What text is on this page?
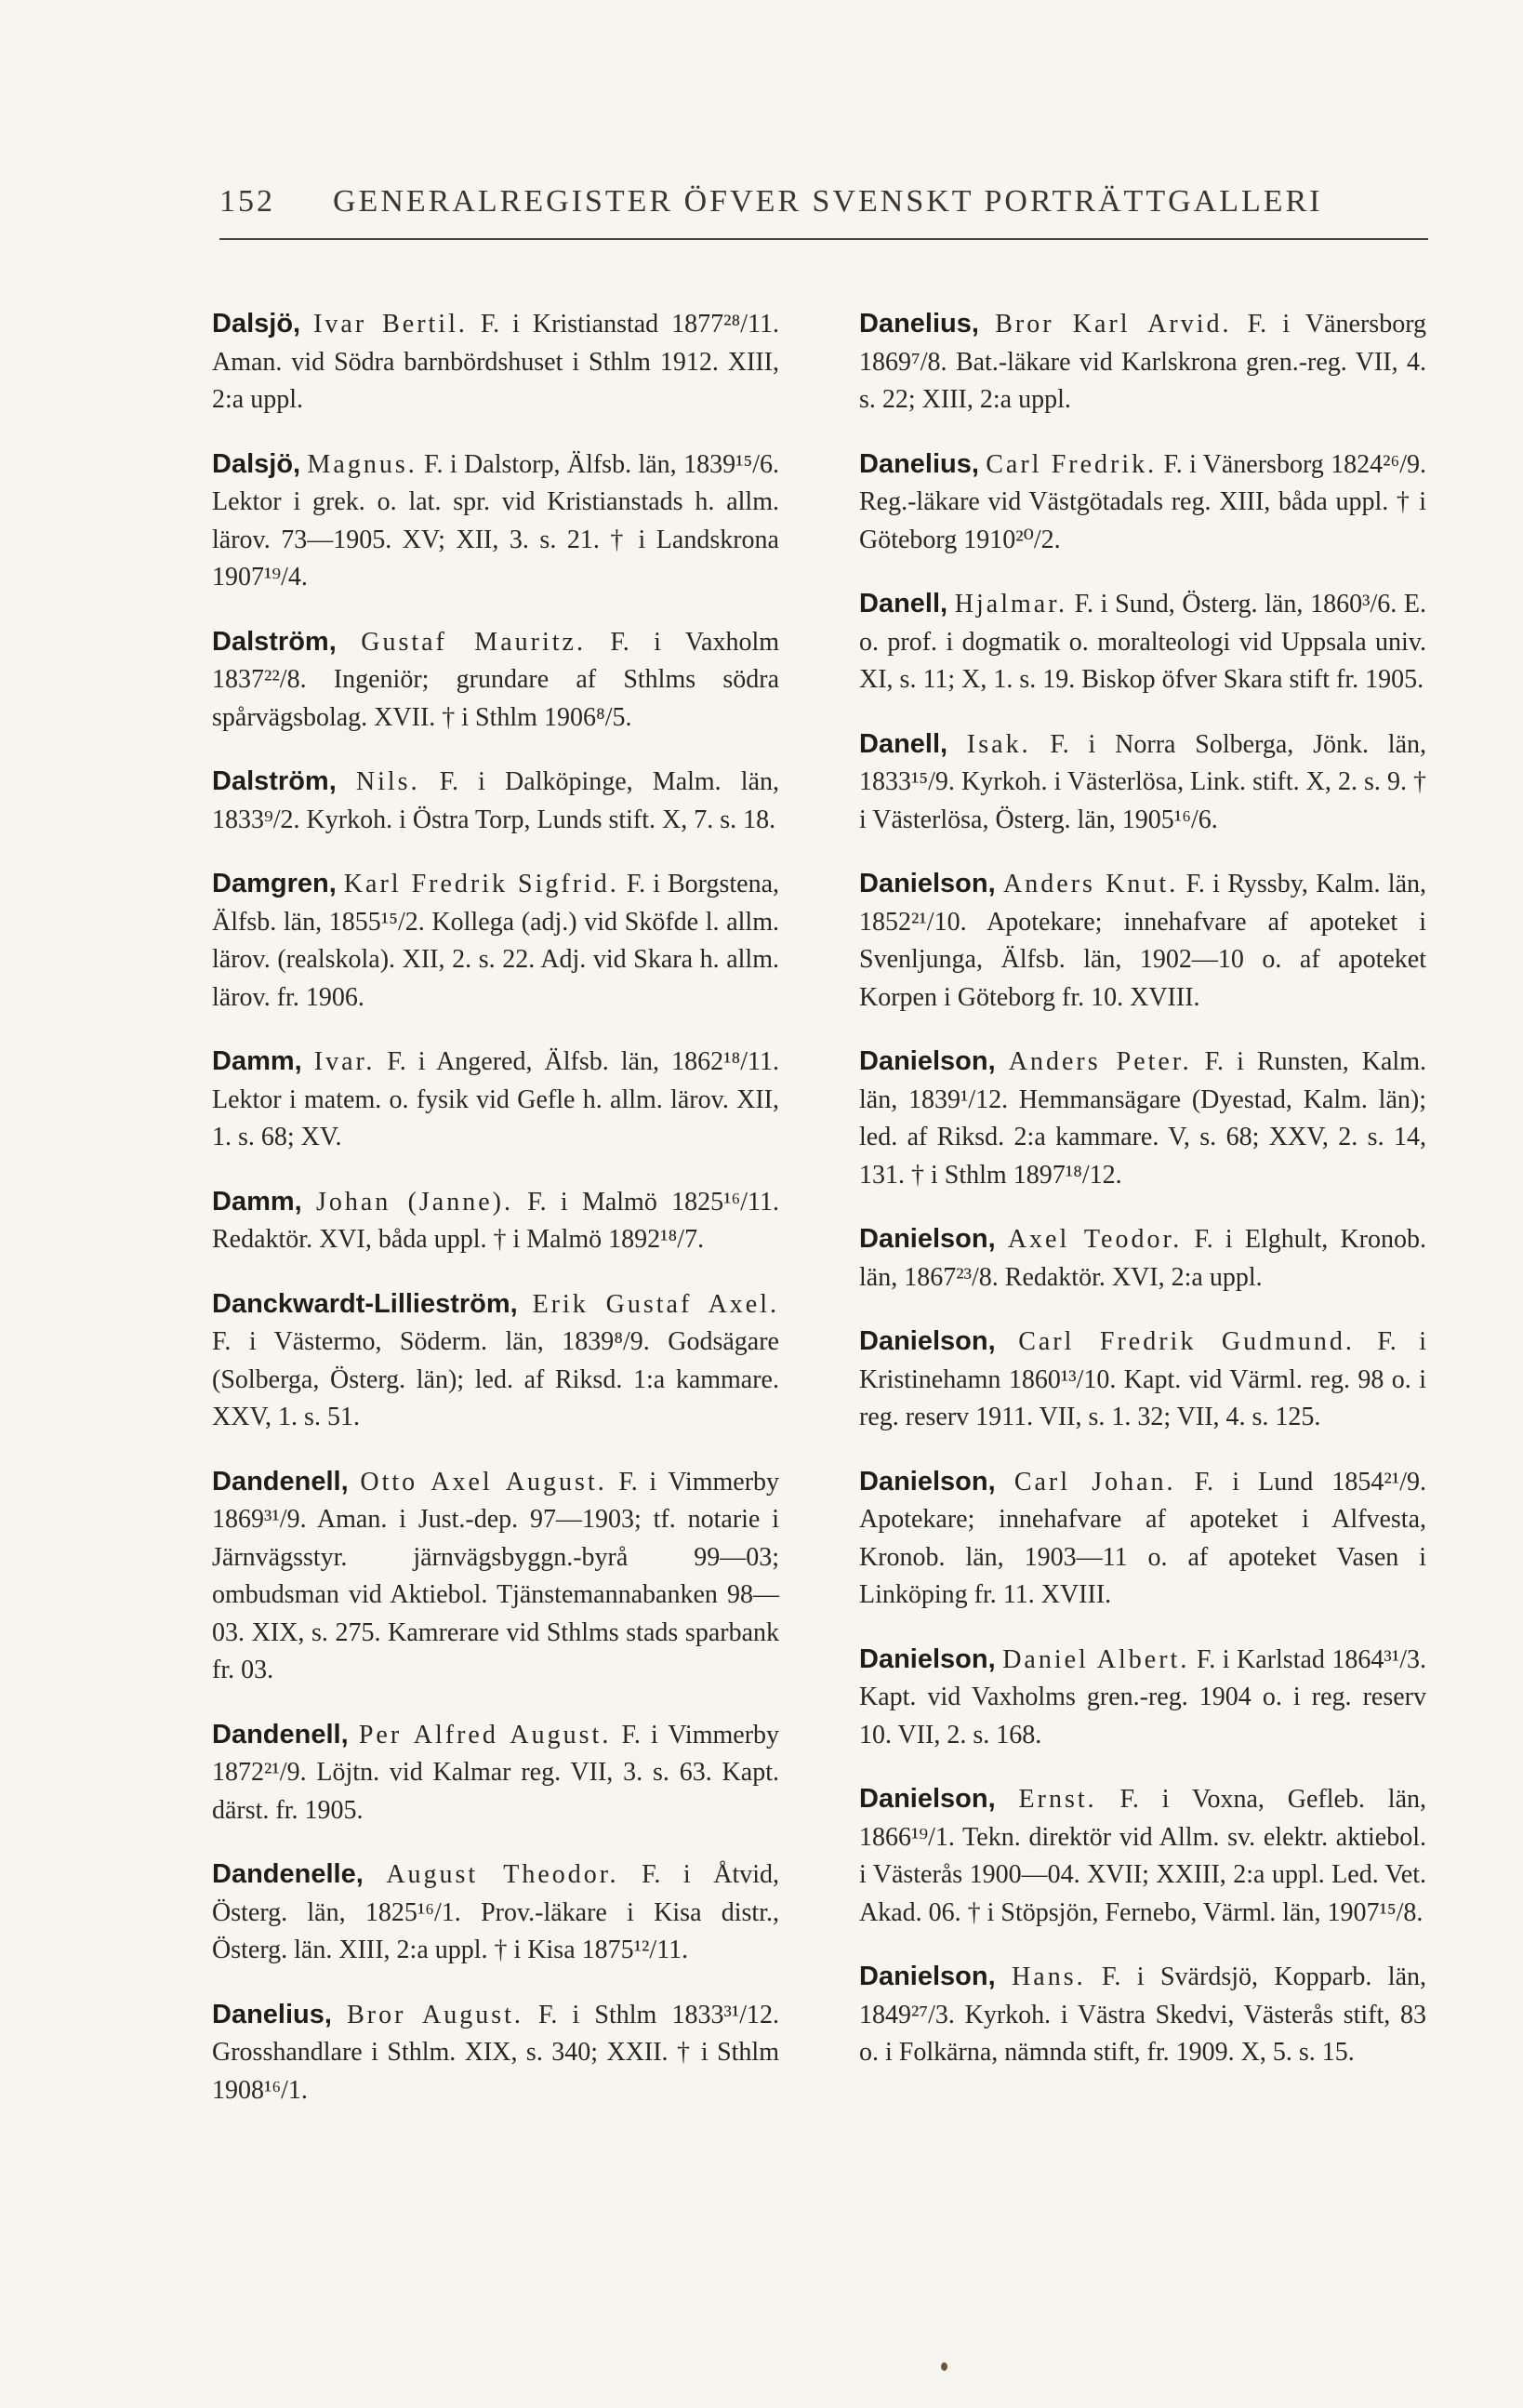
152 GENERALREGISTER ÖFVER SVENSKT PORTRÄTTGALLERI

Dalsjö, Ivar Bertil. F. i Kristianstad 1877²⁸/11. Aman. vid Södra barnbördshuset i Sthlm 1912. XIII, 2:a uppl.

Dalsjö, Magnus. F. i Dalstorp, Älfsb. län, 1839¹⁵/6. Lektor i grek. o. lat. spr. vid Kristianstads h. allm. lärov. 73—1905. XV; XII, 3. s. 21. † i Landskrona 1907¹⁹/4.

Dalström, Gustaf Mauritz. F. i Vaxholm 1837²²/8. Ingeniör; grundare af Sthlms södra spårvägsbolag. XVII. † i Sthlm 1906⁸/5.

Dalström, Nils. F. i Dalköpinge, Malm. län, 1833⁹/2. Kyrkoh. i Östra Torp, Lunds stift. X, 7. s. 18.

Damgren, Karl Fredrik Sigfrid. F. i Borgstena, Älfsb. län, 1855¹⁵/2. Kollega (adj.) vid Sköfde l. allm. lärov. (realskola). XII, 2. s. 22. Adj. vid Skara h. allm. lärov. fr. 1906.

Damm, Ivar. F. i Angered, Älfsb. län, 1862¹⁸/11. Lektor i matem. o. fysik vid Gefle h. allm. lärov. XII, 1. s. 68; XV.

Damm, Johan (Janne). F. i Malmö 1825¹⁶/11. Redaktör. XVI, båda uppl. † i Malmö 1892¹⁸/7.

Danckwardt-Lillieström, Erik Gustaf Axel. F. i Västermo, Söderm. län, 1839⁸/9. Godsägare (Solberga, Österg. län); led. af Riksd. 1:a kammare. XXV, 1. s. 51.

Dandenell, Otto Axel August. F. i Vimmerby 1869³¹/9. Aman. i Just.-dep. 97—1903; tf. notarie i Järnvägsstyr. järnvägsbyggn.-byrå 99—03; ombudsman vid Aktiebol. Tjänstemannabanken 98—03. XIX, s. 275. Kamrerare vid Sthlms stads sparbank fr. 03.

Dandenell, Per Alfred August. F. i Vimmerby 1872²¹/9. Löjtn. vid Kalmar reg. VII, 3. s. 63. Kapt. därst. fr. 1905.

Dandenelle, August Theodor. F. i Åtvid, Österg. län, 1825¹⁶/1. Prov.-läkare i Kisa distr., Österg. län. XIII, 2:a uppl. † i Kisa 1875¹²/11.

Danelius, Bror August. F. i Sthlm 1833³¹/12. Grosshandlare i Sthlm. XIX, s. 340; XXII. † i Sthlm 1908¹⁶/1.

Danelius, Bror Karl Arvid. F. i Vänersborg 1869⁷/8. Bat.-läkare vid Karlskrona gren.-reg. VII, 4. s. 22; XIII, 2:a uppl.

Danelius, Carl Fredrik. F. i Vänersborg 1824²⁶/9. Reg.-läkare vid Västgötadals reg. XIII, båda uppl. † i Göteborg 1910²⁰/2.

Danell, Hjalmar. F. i Sund, Österg. län, 1860³/6. E. o. prof. i dogmatik o. moralteologi vid Uppsala univ. XI, s. 11; X, 1. s. 19. Biskop öfver Skara stift fr. 1905.

Danell, Isak. F. i Norra Solberga, Jönk. län, 1833¹⁵/9. Kyrkoh. i Västerlösa, Link. stift. X, 2. s. 9. † i Västerlösa, Österg. län, 1905¹⁶/6.

Danielson, Anders Knut. F. i Ryssby, Kalm. län, 1852²¹/10. Apotekare; innehafvare af apoteket i Svenljunga, Älfsb. län, 1902—10 o. af apoteket Korpen i Göteborg fr. 10. XVIII.

Danielson, Anders Peter. F. i Runsten, Kalm. län, 1839¹/12. Hemmansägare (Dyestad, Kalm. län); led. af Riksd. 2:a kammare. V, s. 68; XXV, 2. s. 14, 131. † i Sthlm 1897¹⁸/12.

Danielson, Axel Teodor. F. i Elghult, Kronob. län, 1867²³/8. Redaktör. XVI, 2:a uppl.

Danielson, Carl Fredrik Gudmund. F. i Kristinehamn 1860¹³/10. Kapt. vid Värml. reg. 98 o. i reg. reserv 1911. VII, s. 1. 32; VII, 4. s. 125.

Danielson, Carl Johan. F. i Lund 1854²¹/9. Apotekare; innehafvare af apoteket i Alfvesta, Kronob. län, 1903—11 o. af apoteket Vasen i Linköping fr. 11. XVIII.

Danielson, Daniel Albert. F. i Karlstad 1864³¹/3. Kapt. vid Vaxholms gren.-reg. 1904 o. i reg. reserv 10. VII, 2. s. 168.

Danielson, Ernst. F. i Voxna, Gefleb. län, 1866¹⁹/1. Tekn. direktör vid Allm. sv. elektr. aktiebol. i Västerås 1900—04. XVII; XXIII, 2:a uppl. Led. Vet. Akad. 06. † i Stöpsjön, Fernebo, Värml. län, 1907¹⁵/8.

Danielson, Hans. F. i Svärdsjö, Kopparb. län, 1849²⁷/3. Kyrkoh. i Västra Skedvi, Västerås stift, 83 o. i Folkärna, nämnda stift, fr. 1909. X, 5. s. 15.
